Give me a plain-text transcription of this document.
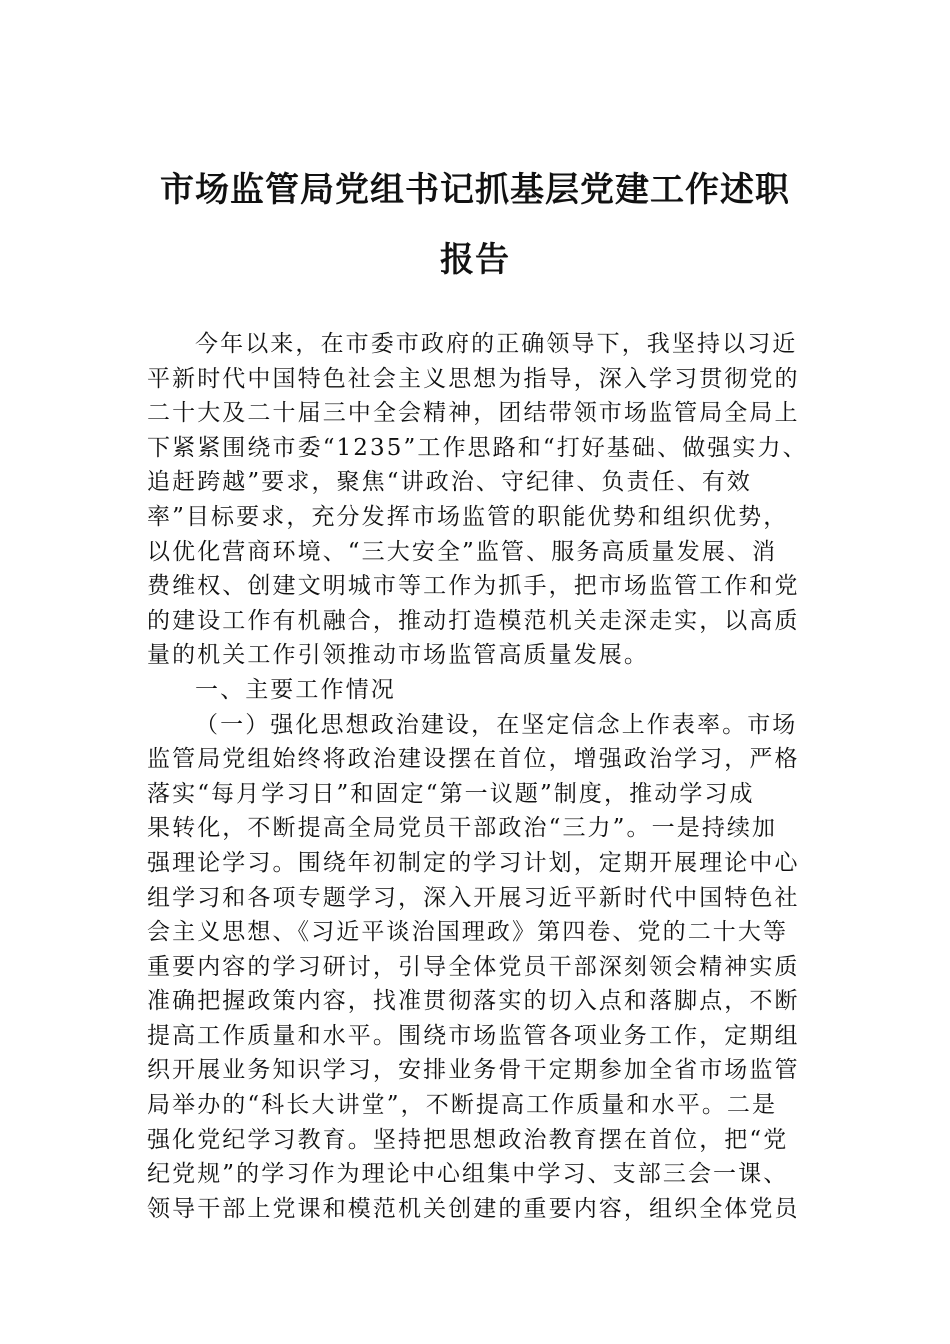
市场监管局党组书记抓基层党建工作述职
报告
今年以来，在市委市政府的正确领导下，我坚持以习近
平新时代中国特色社会主义思想为指导，深入学习贯彻党的
二十大及二十届三中全会精神，团结带领市场监管局全局上
下紧紧围绕市委“1235”工作思路和“打好基础、做强实力、
追赶跨越”要求，聚焦“讲政治、守纪律、负责任、有效
率”目标要求，充分发挥市场监管的职能优势和组织优势，
以优化营商环境、“三大安全”监管、服务高质量发展、消
费维权、创建文明城市等工作为抓手，把市场监管工作和党
的建设工作有机融合，推动打造模范机关走深走实，以高质
量的机关工作引领推动市场监管高质量发展。
一、主要工作情况
（一）强化思想政治建设，在坚定信念上作表率。市场
监管局党组始终将政治建设摆在首位，增强政治学习，严格
落实“每月学习日”和固定“第一议题”制度，推动学习成
果转化，不断提高全局党员干部政治“三力”。一是持续加
强理论学习。围绕年初制定的学习计划，定期开展理论中心
组学习和各项专题学习，深入开展习近平新时代中国特色社
会主义思想、《习近平谈治国理政》第四卷、党的二十大等
重要内容的学习研讨，引导全体党员干部深刻领会精神实质
准确把握政策内容，找准贯彻落实的切入点和落脚点，不断
提高工作质量和水平。围绕市场监管各项业务工作，定期组
织开展业务知识学习，安排业务骨干定期参加全省市场监管
局举办的“科长大讲堂”，不断提高工作质量和水平。二是
强化党纪学习教育。坚持把思想政治教育摆在首位，把“党
纪党规”的学习作为理论中心组集中学习、支部三会一课、
领导干部上党课和模范机关创建的重要内容，组织全体党员
